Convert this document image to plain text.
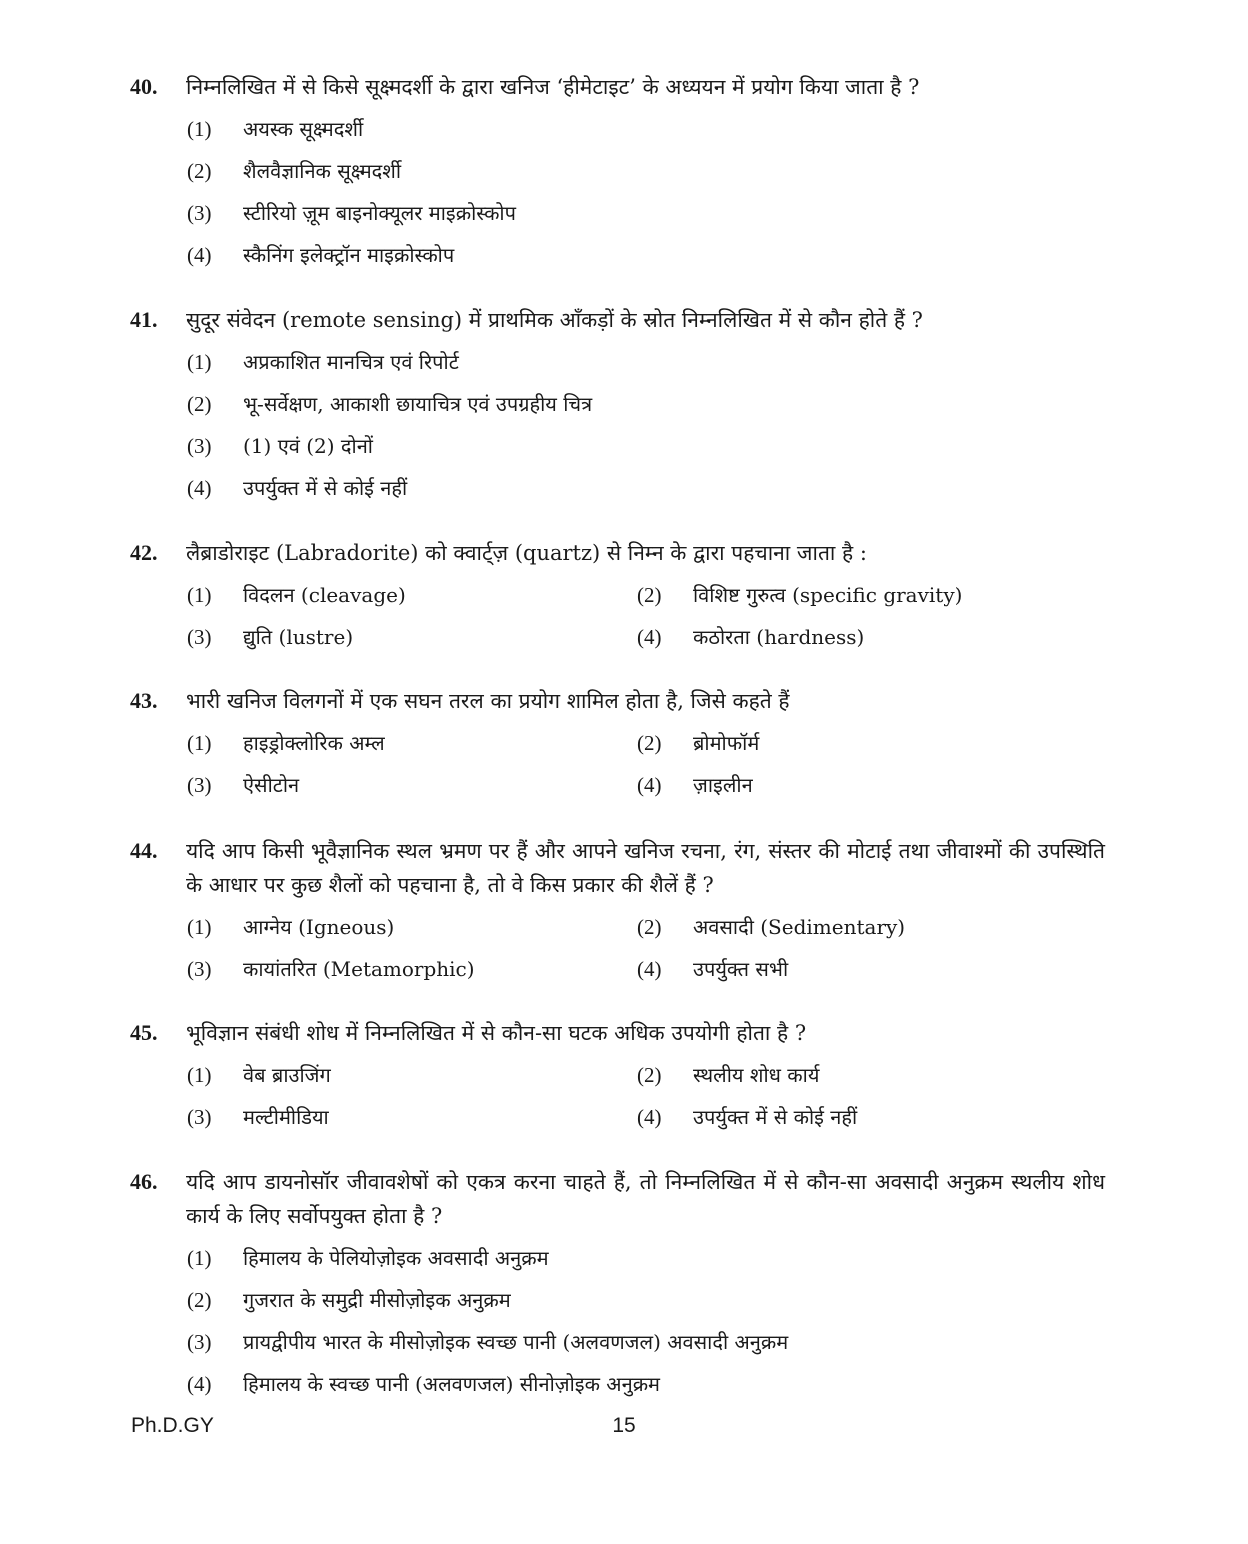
40.	निम्नलिखित में से किसे सूक्ष्मदर्शी के द्वारा खनिज ‘हीमेटाइट’ के अध्ययन में प्रयोग किया जाता है ?
(1)	अयस्क सूक्ष्मदर्शी
(2)	शैलवैज्ञानिक सूक्ष्मदर्शी
(3)	स्टीरियो ज़ूम बाइनोक्यूलर माइक्रोस्कोप
(4)	स्कैनिंग इलेक्ट्रॉन माइक्रोस्कोप
41.	सुदूर संवेदन (remote sensing) में प्राथमिक आँकड़ों के स्रोत निम्नलिखित में से कौन होते हैं ?
(1)	अप्रकाशित मानचित्र एवं रिपोर्ट
(2)	भू-सर्वेक्षण, आकाशी छायाचित्र एवं उपग्रहीय चित्र
(3)	(1) एवं (2) दोनों
(4)	उपर्युक्त में से कोई नहीं
42.	लैब्राडोराइट (Labradorite) को क्वार्ट्ज़ (quartz) से निम्न के द्वारा पहचाना जाता है :
(1)	विदलन (cleavage)	(2)	विशिष्ट गुरुत्व (specific gravity)
(3)	द्युति (lustre)	(4)	कठोरता (hardness)
43.	भारी खनिज विलगनों में एक सघन तरल का प्रयोग शामिल होता है, जिसे कहते हैं
(1)	हाइड्रोक्लोरिक अम्ल	(2)	ब्रोमोफॉर्म
(3)	ऐसीटोन	(4)	ज़ाइलीन
44.	यदि आप किसी भूवैज्ञानिक स्थल भ्रमण पर हैं और आपने खनिज रचना, रंग, संस्तर की मोटाई तथा जीवाश्मों की उपस्थिति के आधार पर कुछ शैलों को पहचाना है, तो वे किस प्रकार की शैलें हैं ?
(1)	आग्नेय (Igneous)	(2)	अवसादी (Sedimentary)
(3)	कायांतरित (Metamorphic)	(4)	उपर्युक्त सभी
45.	भूविज्ञान संबंधी शोध में निम्नलिखित में से कौन-सा घटक अधिक उपयोगी होता है ?
(1)	वेब ब्राउजिंग	(2)	स्थलीय शोध कार्य
(3)	मल्टीमीडिया	(4)	उपर्युक्त में से कोई नहीं
46.	यदि आप डायनोसॉर जीवावशेषों को एकत्र करना चाहते हैं, तो निम्नलिखित में से कौन-सा अवसादी अनुक्रम स्थलीय शोध कार्य के लिए सर्वोपयुक्त होता है ?
(1)	हिमालय के पेलियोज़ोइक अवसादी अनुक्रम
(2)	गुजरात के समुद्री मीसोज़ोइक अनुक्रम
(3)	प्रायद्वीपीय भारत के मीसोज़ोइक स्वच्छ पानी (अलवणजल) अवसादी अनुक्रम
(4)	हिमालय के स्वच्छ पानी (अलवणजल) सीनोज़ोइक अनुक्रम
Ph.D.GY	15
